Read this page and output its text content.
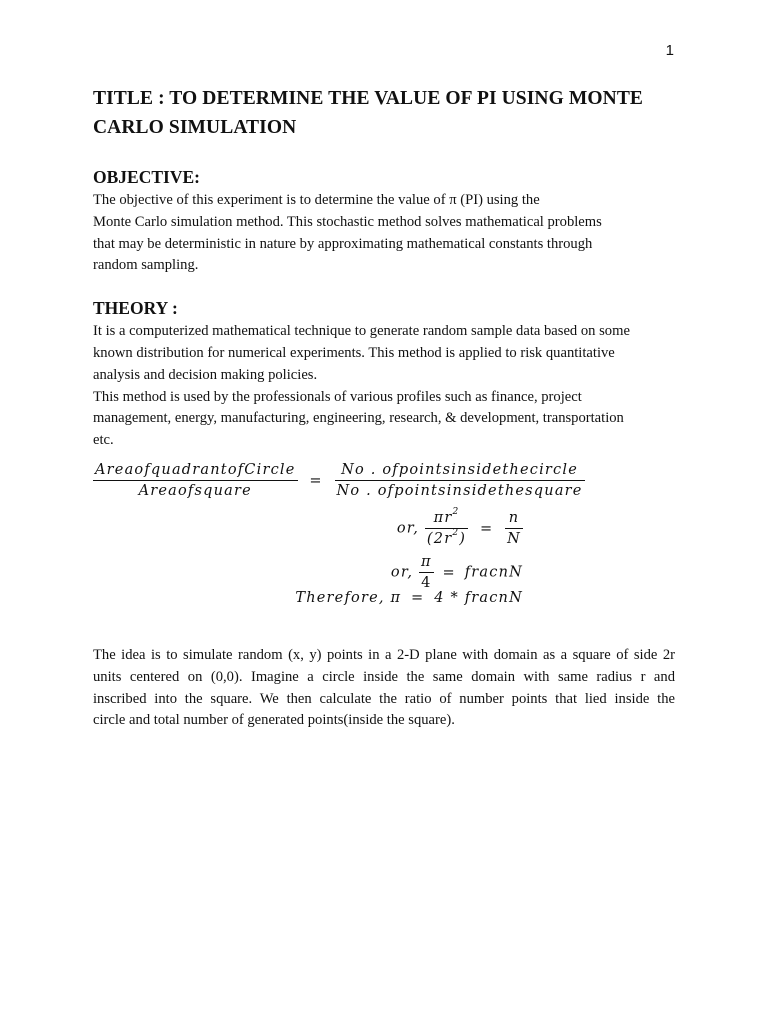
1
TITLE : TO DETERMINE THE VALUE OF PI USING MONTE
CARLO SIMULATION
OBJECTIVE:

The objective of this experiment is to determine the value of π (PI) using the
Monte Carlo simulation method. This stochastic method solves mathematical problems
that may be deterministic in nature by approximating mathematical constants through
random sampling.

THEORY :

It is a computerized mathematical technique to generate random sample data based on some
known distribution for numerical experiments. This method is applied to risk quantitative
analysis and decision making policies.
This method is used by the professionals of various profiles such as finance, project
management, energy, manufacturing, engineering, research, & development, transportation
etc.

$\frac{\text{AreaofquadrantofCircle}}{\text{Areaofsquare}} = \frac{\text{No . ofpointsinsidethecircle}}{\text{No . ofpointsinsidethesquare}}$
or, $\frac{\pi r^2}{(2r^2)} = \frac{n}{N}$
or, $\frac{\pi}{4}$ = fracnN
Therefore, π = 4 * fracnN

The idea is to simulate random (x, y) points in a 2-D plane with domain as a square of side 2r
units centered on (0,0). Imagine a circle inside the same domain with same radius r and
inscribed into the square. We then calculate the ratio of number points that lied inside the
circle and total number of generated points(inside the square).
